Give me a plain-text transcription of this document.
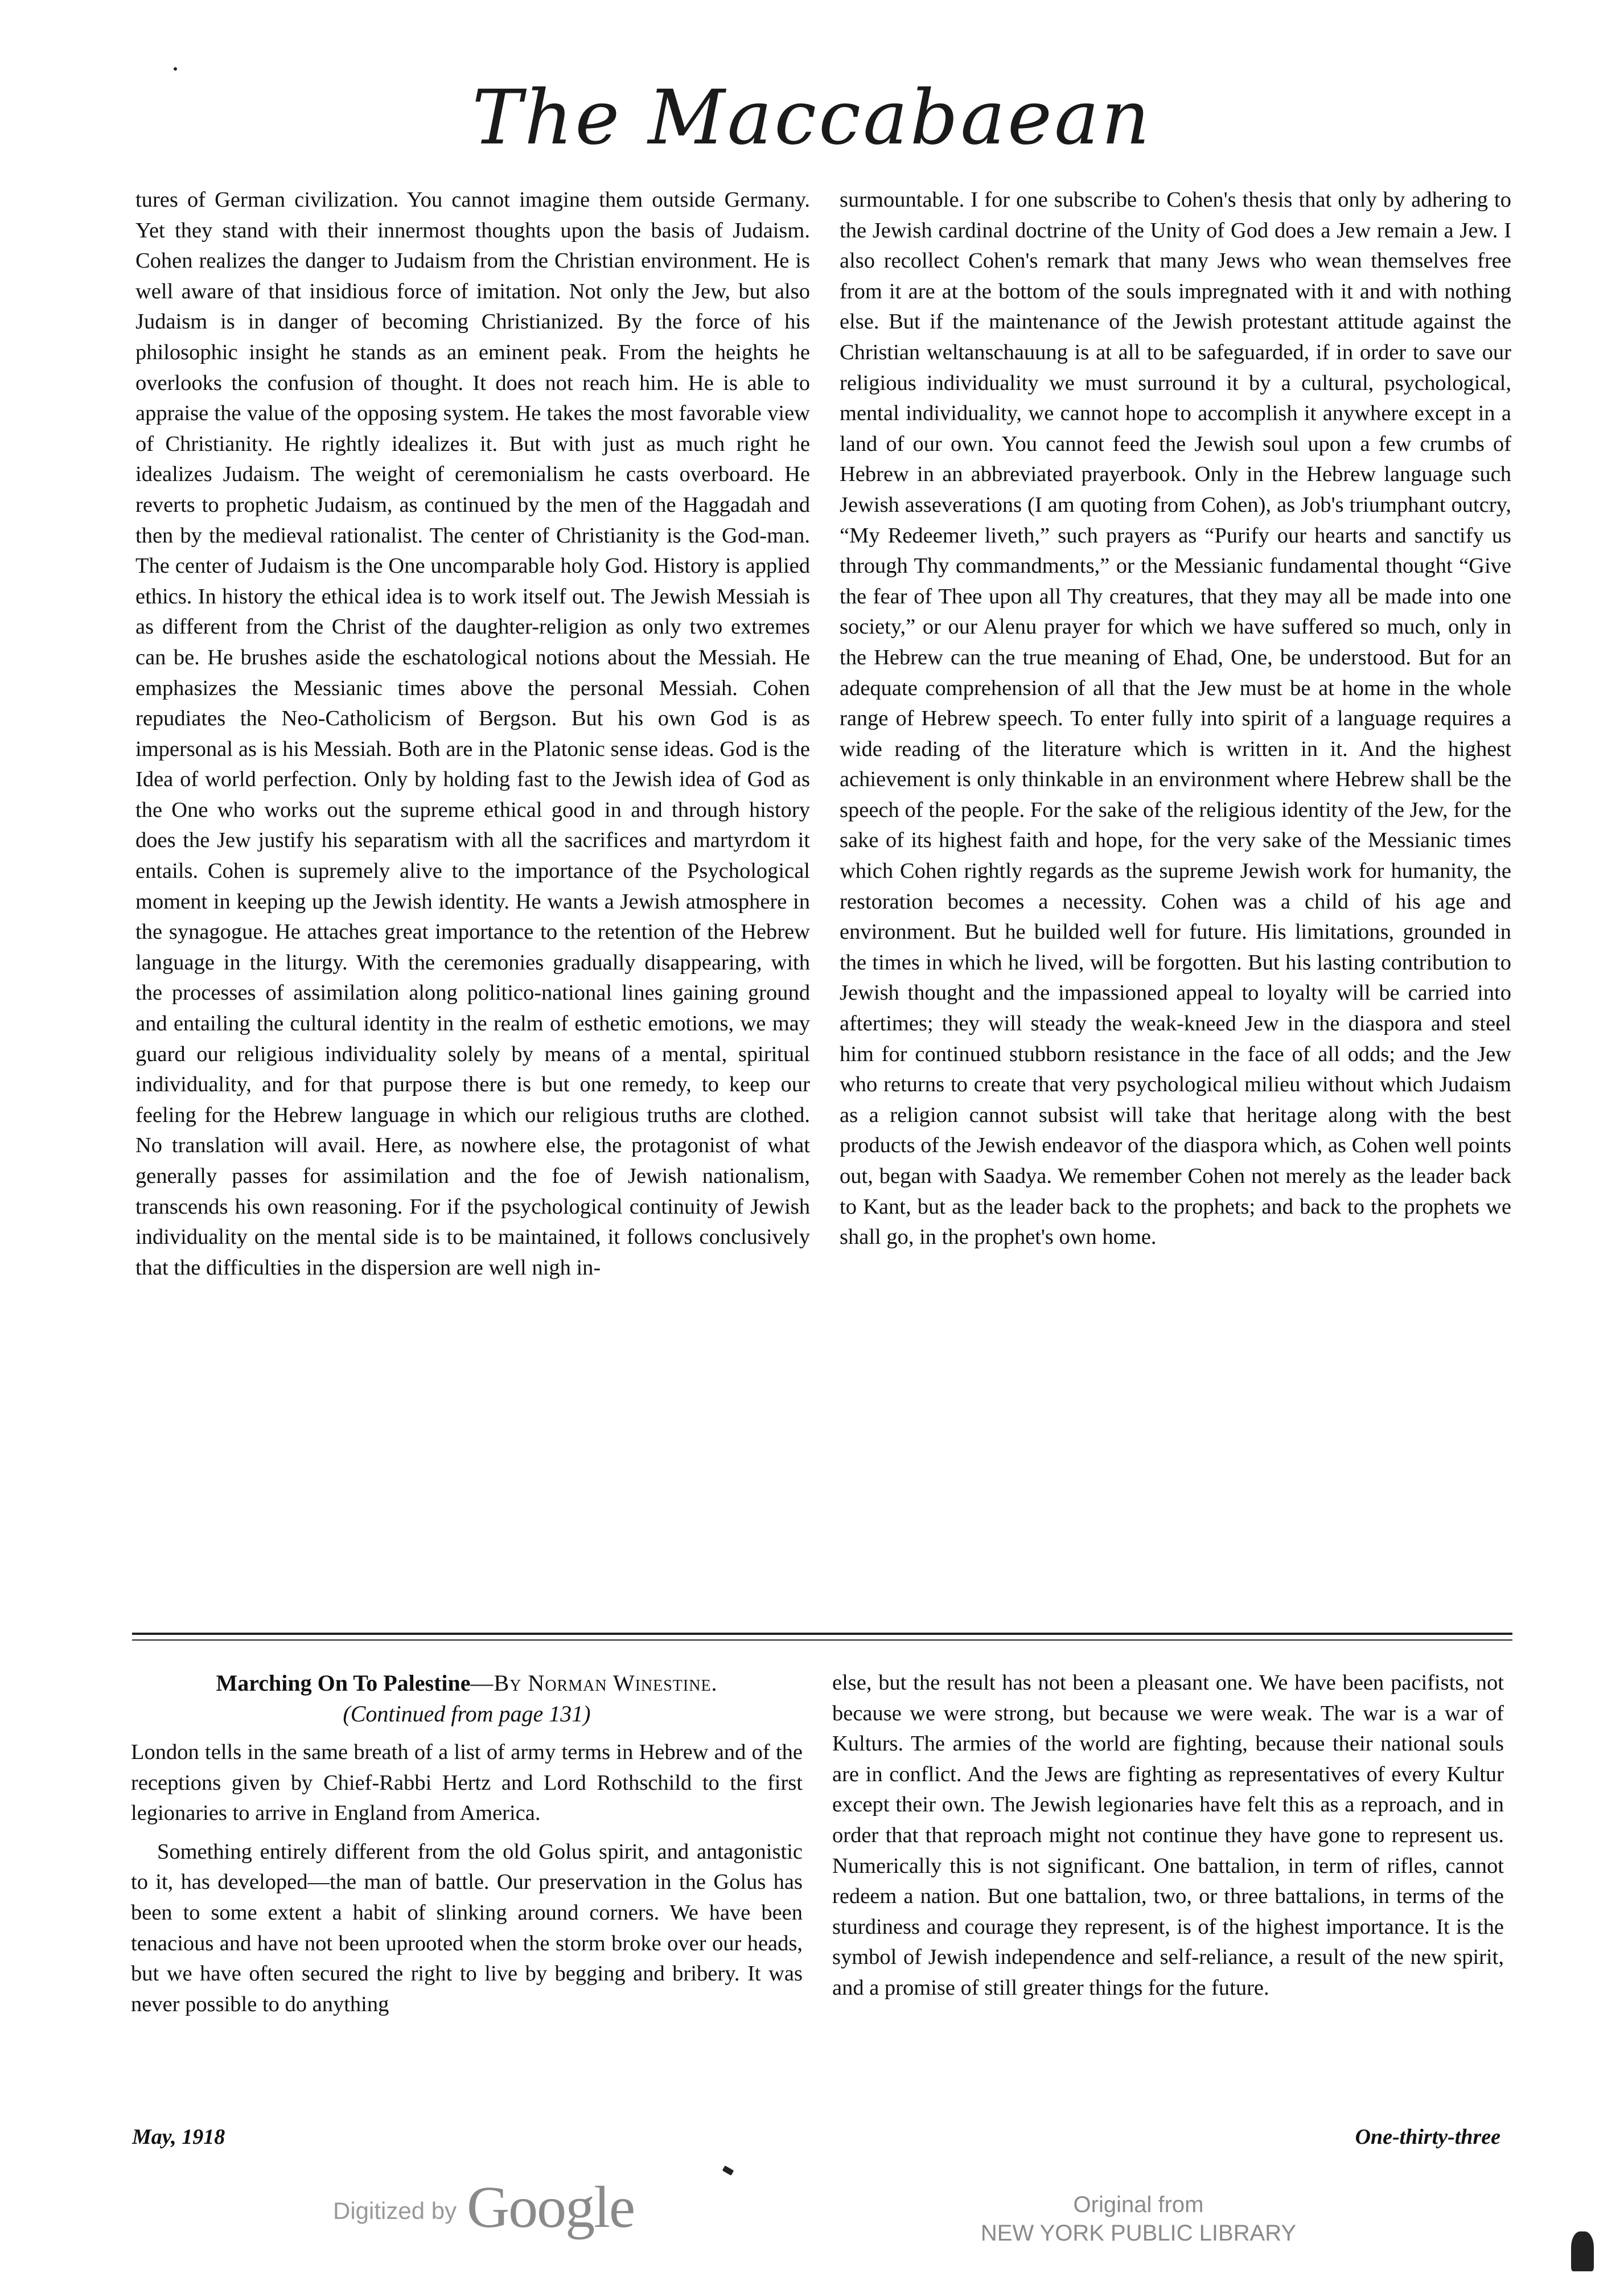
The Maccabaean

tures of German civilization. You cannot imagine them outside Germany. Yet they stand with their innermost thoughts upon the basis of Judaism. Cohen realizes the danger to Judaism from the Christian environment. He is well aware of that insidious force of imitation. Not only the Jew, but also Judaism is in danger of becoming Christianized. By the force of his philosophic insight he stands as an eminent peak. From the heights he overlooks the confusion of thought. It does not reach him. He is able to appraise the value of the opposing system. He takes the most favorable view of Christianity. He rightly idealizes it. But with just as much right he idealizes Judaism. The weight of ceremonialism he casts overboard. He reverts to prophetic Judaism, as continued by the men of the Haggadah and then by the medieval rationalist. The center of Christianity is the God-man. The center of Judaism is the One uncomparable holy God. History is applied ethics. In history the ethical idea is to work itself out. The Jewish Messiah is as different from the Christ of the daughter-religion as only two extremes can be. He brushes aside the eschatological notions about the Messiah. He emphasizes the Messianic times above the personal Messiah. Cohen repudiates the Neo-Catholicism of Bergson. But his own God is as impersonal as is his Messiah. Both are in the Platonic sense ideas. God is the Idea of world perfection. Only by holding fast to the Jewish idea of God as the One who works out the supreme ethical good in and through history does the Jew justify his separatism with all the sacrifices and martyrdom it entails. Cohen is supremely alive to the importance of the Psychological moment in keeping up the Jewish identity. He wants a Jewish atmosphere in the synagogue. He attaches great importance to the retention of the Hebrew language in the liturgy. With the ceremonies gradually disappearing, with the processes of assimilation along politico-national lines gaining ground and entailing the cultural identity in the realm of esthetic emotions, we may guard our religious individuality solely by means of a mental, spiritual individuality, and for that purpose there is but one remedy, to keep our feeling for the Hebrew language in which our religious truths are clothed. No translation will avail. Here, as nowhere else, the protagonist of what generally passes for assimilation and the foe of Jewish nationalism, transcends his own reasoning. For if the psychological continuity of Jewish individuality on the mental side is to be maintained, it follows conclusively that the difficulties in the dispersion are well nigh in-

surmountable. I for one subscribe to Cohen's thesis that only by adhering to the Jewish cardinal doctrine of the Unity of God does a Jew remain a Jew. I also recollect Cohen's remark that many Jews who wean themselves free from it are at the bottom of the souls impregnated with it and with nothing else. But if the maintenance of the Jewish protestant attitude against the Christian weltanschauung is at all to be safeguarded, if in order to save our religious individuality we must surround it by a cultural, psychological, mental individuality, we cannot hope to accomplish it anywhere except in a land of our own. You cannot feed the Jewish soul upon a few crumbs of Hebrew in an abbreviated prayerbook. Only in the Hebrew language such Jewish asseverations (I am quoting from Cohen), as Job's triumphant outcry, “My Redeemer liveth,” such prayers as “Purify our hearts and sanctify us through Thy commandments,” or the Messianic fundamental thought “Give the fear of Thee upon all Thy creatures, that they may all be made into one society,” or our Alenu prayer for which we have suffered so much, only in the Hebrew can the true meaning of Ehad, One, be understood. But for an adequate comprehension of all that the Jew must be at home in the whole range of Hebrew speech. To enter fully into spirit of a language requires a wide reading of the literature which is written in it. And the highest achievement is only thinkable in an environment where Hebrew shall be the speech of the people. For the sake of the religious identity of the Jew, for the sake of its highest faith and hope, for the very sake of the Messianic times which Cohen rightly regards as the supreme Jewish work for humanity, the restoration becomes a necessity. Cohen was a child of his age and environment. But he builded well for future. His limitations, grounded in the times in which he lived, will be forgotten. But his lasting contribution to Jewish thought and the impassioned appeal to loyalty will be carried into aftertimes; they will steady the weak-kneed Jew in the diaspora and steel him for continued stubborn resistance in the face of all odds; and the Jew who returns to create that very psychological milieu without which Judaism as a religion cannot subsist will take that heritage along with the best products of the Jewish endeavor of the diaspora which, as Cohen well points out, began with Saadya. We remember Cohen not merely as the leader back to Kant, but as the leader back to the prophets; and back to the prophets we shall go, in the prophet's own home.

Marching On To Palestine—By Norman Winestine.
(Continued from page 131)

London tells in the same breath of a list of army terms in Hebrew and of the receptions given by Chief-Rabbi Hertz and Lord Rothschild to the first legionaries to arrive in England from America.

Something entirely different from the old Golus spirit, and antagonistic to it, has developed—the man of battle. Our preservation in the Golus has been to some extent a habit of slinking around corners. We have been tenacious and have not been uprooted when the storm broke over our heads, but we have often secured the right to live by begging and bribery. It was never possible to do anything

else, but the result has not been a pleasant one. We have been pacifists, not because we were strong, but because we were weak. The war is a war of Kulturs. The armies of the world are fighting, because their national souls are in conflict. And the Jews are fighting as representatives of every Kultur except their own. The Jewish legionaries have felt this as a reproach, and in order that that reproach might not continue they have gone to represent us. Numerically this is not significant. One battalion, in term of rifles, cannot redeem a nation. But one battalion, two, or three battalions, in terms of the sturdiness and courage they represent, is of the highest importance. It is the symbol of Jewish independence and self-reliance, a result of the new spirit, and a promise of still greater things for the future.

May, 1918	One-thirty-three
Digitized by Google	Original from
NEW YORK PUBLIC LIBRARY
